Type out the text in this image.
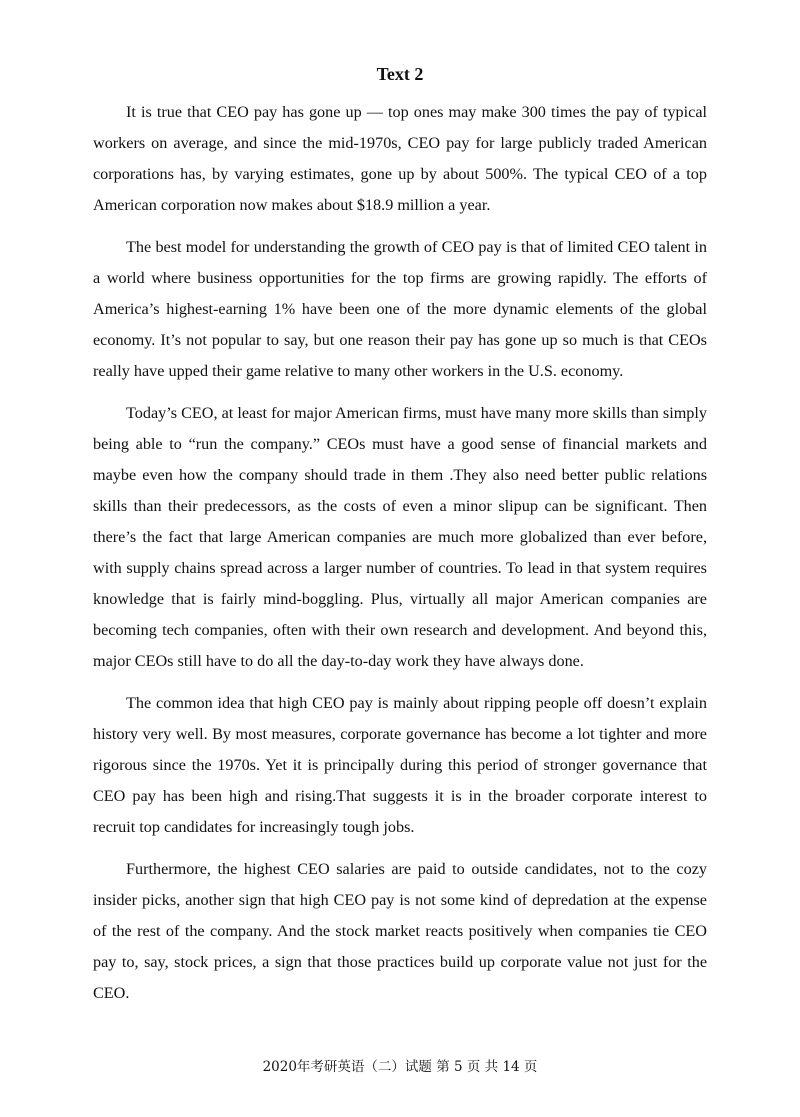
Text 2

It is true that CEO pay has gone up — top ones may make 300 times the pay of typical workers on average, and since the mid-1970s, CEO pay for large publicly traded American corporations has, by varying estimates, gone up by about 500%. The typical CEO of a top American corporation now makes about $18.9 million a year.

The best model for understanding the growth of CEO pay is that of limited CEO talent in a world where business opportunities for the top firms are growing rapidly. The efforts of America’s highest-earning 1% have been one of the more dynamic elements of the global economy. It’s not popular to say, but one reason their pay has gone up so much is that CEOs really have upped their game relative to many other workers in the U.S. economy.

Today’s CEO, at least for major American firms, must have many more skills than simply being able to “run the company.” CEOs must have a good sense of financial markets and maybe even how the company should trade in them .They also need better public relations skills than their predecessors, as the costs of even a minor slipup can be significant. Then there’s the fact that large American companies are much more globalized than ever before, with supply chains spread across a larger number of countries. To lead in that system requires knowledge that is fairly mind-boggling. Plus, virtually all major American companies are becoming tech companies, often with their own research and development. And beyond this, major CEOs still have to do all the day-to-day work they have always done.

The common idea that high CEO pay is mainly about ripping people off doesn’t explain history very well. By most measures, corporate governance has become a lot tighter and more rigorous since the 1970s. Yet it is principally during this period of stronger governance that CEO pay has been high and rising.That suggests it is in the broader corporate interest to recruit top candidates for increasingly tough jobs.

Furthermore, the highest CEO salaries are paid to outside candidates, not to the cozy insider picks, another sign that high CEO pay is not some kind of depredation at the expense of the rest of the company. And the stock market reacts positively when companies tie CEO pay to, say, stock prices, a sign that those practices build up corporate value not just for the CEO.

2020年考研英语（二）试题 第 5 页 共 14 页
